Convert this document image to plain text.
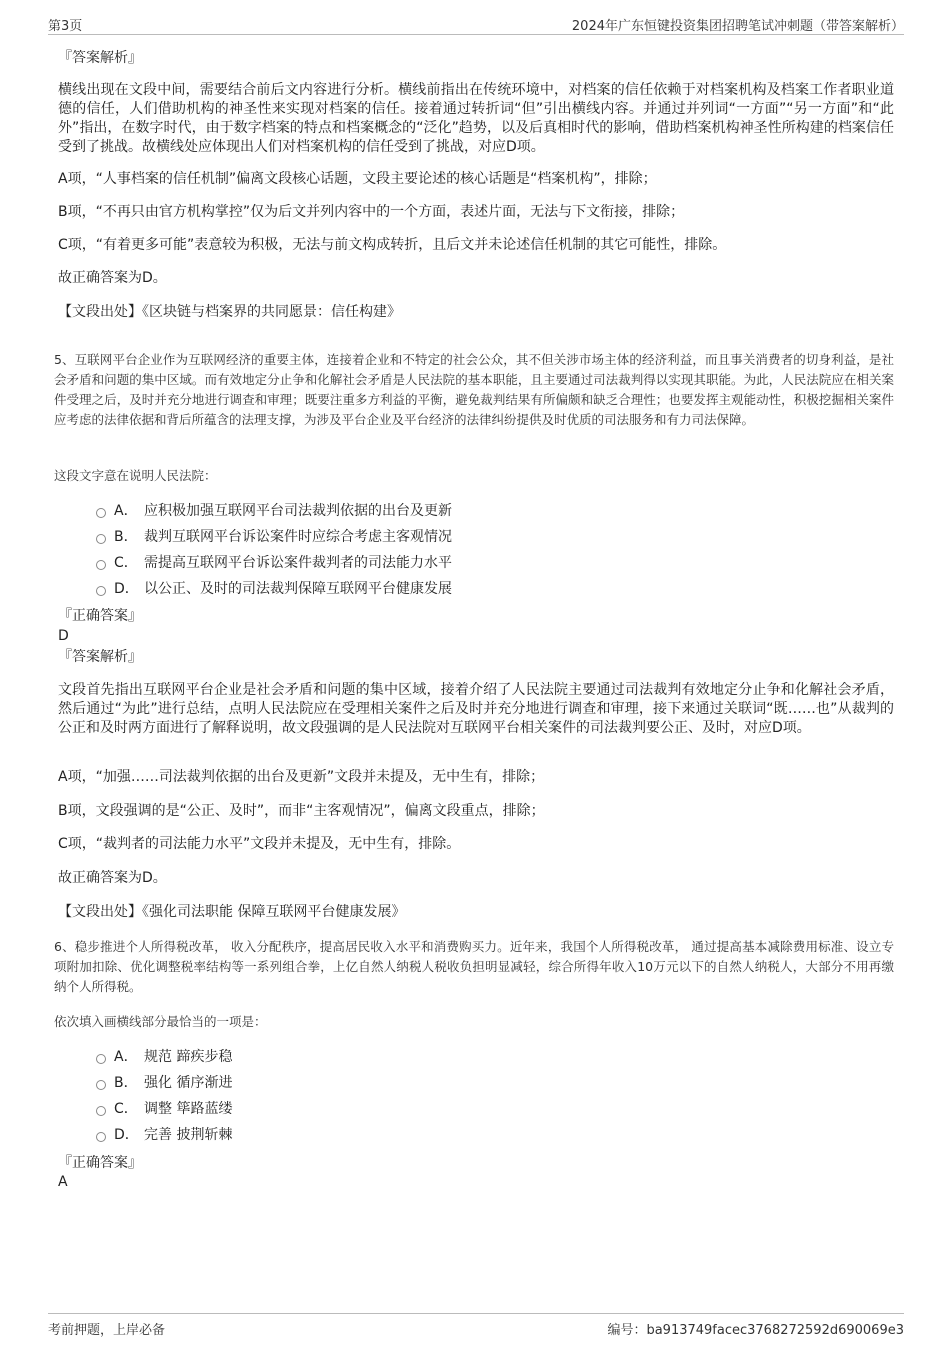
第3页	2024年广东恒键投资集团招聘笔试冲刺题（带答案解析）
『答案解析』
横线出现在文段中间，需要结合前后文内容进行分析。横线前指出在传统环境中，对档案的信任依赖于对档案机构及档案工作者职业道德的信任，人们借助机构的神圣性来实现对档案的信任。接着通过转折词“但”引出横线内容。并通过并列词“一方面”“另一方面”和“此外”指出，在数字时代，由于数字档案的特点和档案概念的“泛化”趋势，以及后真相时代的影响，借助档案机构神圣性所构建的档案信任受到了挑战。故横线处应体现出人们对档案机构的信任受到了挑战，对应D项。
A项，“人事档案的信任机制”偏离文段核心话题，文段主要论述的核心话题是“档案机构”，排除；
B项，“不再只由官方机构掌控”仅为后文并列内容中的一个方面，表述片面，无法与下文衔接，排除；
C项，“有着更多可能”表意较为积极，无法与前文构成转折，且后文并未论述信任机制的其它可能性，排除。
故正确答案为D。
【文段出处】《区块链与档案界的共同愿景：信任构建》
5、互联网平台企业作为互联网经济的重要主体，连接着企业和不特定的社会公众，其不但关涉市场主体的经济利益，而且事关消费者的切身利益，是社会矛盾和问题的集中区域。而有效地定分止争和化解社会矛盾是人民法院的基本职能，且主要通过司法裁判得以实现其职能。为此，人民法院应在相关案件受理之后，及时并充分地进行调查和审理；既要注重多方利益的平衡，避免裁判结果有所偏颇和缺乏合理性；也要发挥主观能动性，积极挖掘相关案件应考虑的法律依据和背后所蕴含的法理支撑，为涉及平台企业及平台经济的法律纠纷提供及时优质的司法服务和有力司法保障。
这段文字意在说明人民法院：
A． 应积极加强互联网平台司法裁判依据的出台及更新
B． 裁判互联网平台诉讼案件时应综合考虑主客观情况
C． 需提高互联网平台诉讼案件裁判者的司法能力水平
D． 以公正、及时的司法裁判保障互联网平台健康发展
『正确答案』
D
『答案解析』
文段首先指出互联网平台企业是社会矛盾和问题的集中区域，接着介绍了人民法院主要通过司法裁判有效地定分止争和化解社会矛盾，然后通过“为此”进行总结，点明人民法院应在受理相关案件之后及时并充分地进行调查和审理，接下来通过关联词“既……也”从裁判的公正和及时两方面进行了解释说明，故文段强调的是人民法院对互联网平台相关案件的司法裁判要公正、及时，对应D项。
A项，“加强……司法裁判依据的出台及更新”文段并未提及，无中生有，排除；
B项，文段强调的是“公正、及时”，而非“主客观情况”，偏离文段重点，排除；
C项，“裁判者的司法能力水平”文段并未提及，无中生有，排除。
故正确答案为D。
【文段出处】《强化司法职能 保障互联网平台健康发展》
6、稳步推进个人所得税改革， 收入分配秩序，提高居民收入水平和消费购买力。近年来，我国个人所得税改革， 通过提高基本减除费用标准、设立专项附加扣除、优化调整税率结构等一系列组合拳，上亿自然人纳税人税收负担明显减轻，综合所得年收入10万元以下的自然人纳税人，大部分不用再缴纳个人所得税。
依次填入画横线部分最恰当的一项是：
A． 规范 蹄疾步稳
B． 强化 循序渐进
C． 调整 筚路蓝缕
D． 完善 披荆斩棘
『正确答案』
A
考前押题，上岸必备	编号：ba913749facec3768272592d690069e3
